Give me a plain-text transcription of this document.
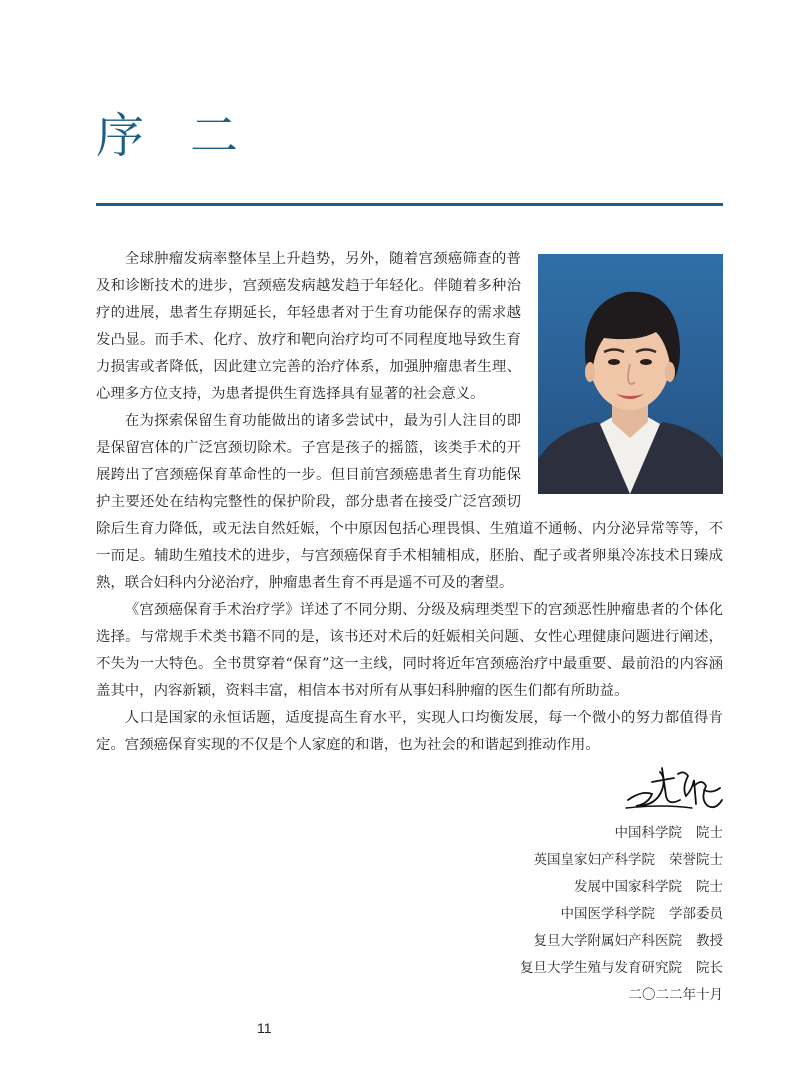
序二

全球肿瘤发病率整体呈上升趋势，另外，随着宫颈癌筛查的普及和诊断技术的进步，宫颈癌发病越发趋于年轻化。伴随着多种治疗的进展，患者生存期延长，年轻患者对于生育功能保存的需求越发凸显。而手术、化疗、放疗和靶向治疗均可不同程度地导致生育力损害或者降低，因此建立完善的治疗体系，加强肿瘤患者生理、心理多方位支持，为患者提供生育选择具有显著的社会意义。

在为探索保留生育功能做出的诸多尝试中，最为引人注目的即是保留宫体的广泛宫颈切除术。子宫是孩子的摇篮，该类手术的开展跨出了宫颈癌保育革命性的一步。但目前宫颈癌患者生育功能保护主要还处在结构完整性的保护阶段，部分患者在接受广泛宫颈切除后生育力降低，或无法自然妊娠，个中原因包括心理畏惧、生殖道不通畅、内分泌异常等等，不一而足。辅助生殖技术的进步，与宫颈癌保育手术相辅相成，胚胎、配子或者卵巢冷冻技术日臻成熟，联合妇科内分泌治疗，肿瘤患者生育不再是遥不可及的奢望。

《宫颈癌保育手术治疗学》详述了不同分期、分级及病理类型下的宫颈恶性肿瘤患者的个体化选择。与常规手术类书籍不同的是，该书还对术后的妊娠相关问题、女性心理健康问题进行阐述，不失为一大特色。全书贯穿着“保育”这一主线，同时将近年宫颈癌治疗中最重要、最前沿的内容涵盖其中，内容新颖，资料丰富，相信本书对所有从事妇科肿瘤的医生们都有所助益。

人口是国家的永恒话题，适度提高生育水平，实现人口均衡发展，每一个微小的努力都值得肯定。宫颈癌保育实现的不仅是个人家庭的和谐，也为社会的和谐起到推动作用。

中国科学院 院士
英国皇家妇产科学院 荣誉院士
发展中国家科学院 院士
中国医学科学院 学部委员
复旦大学附属妇产科医院 教授
复旦大学生殖与发育研究院 院长
二〇二二年十月
11
